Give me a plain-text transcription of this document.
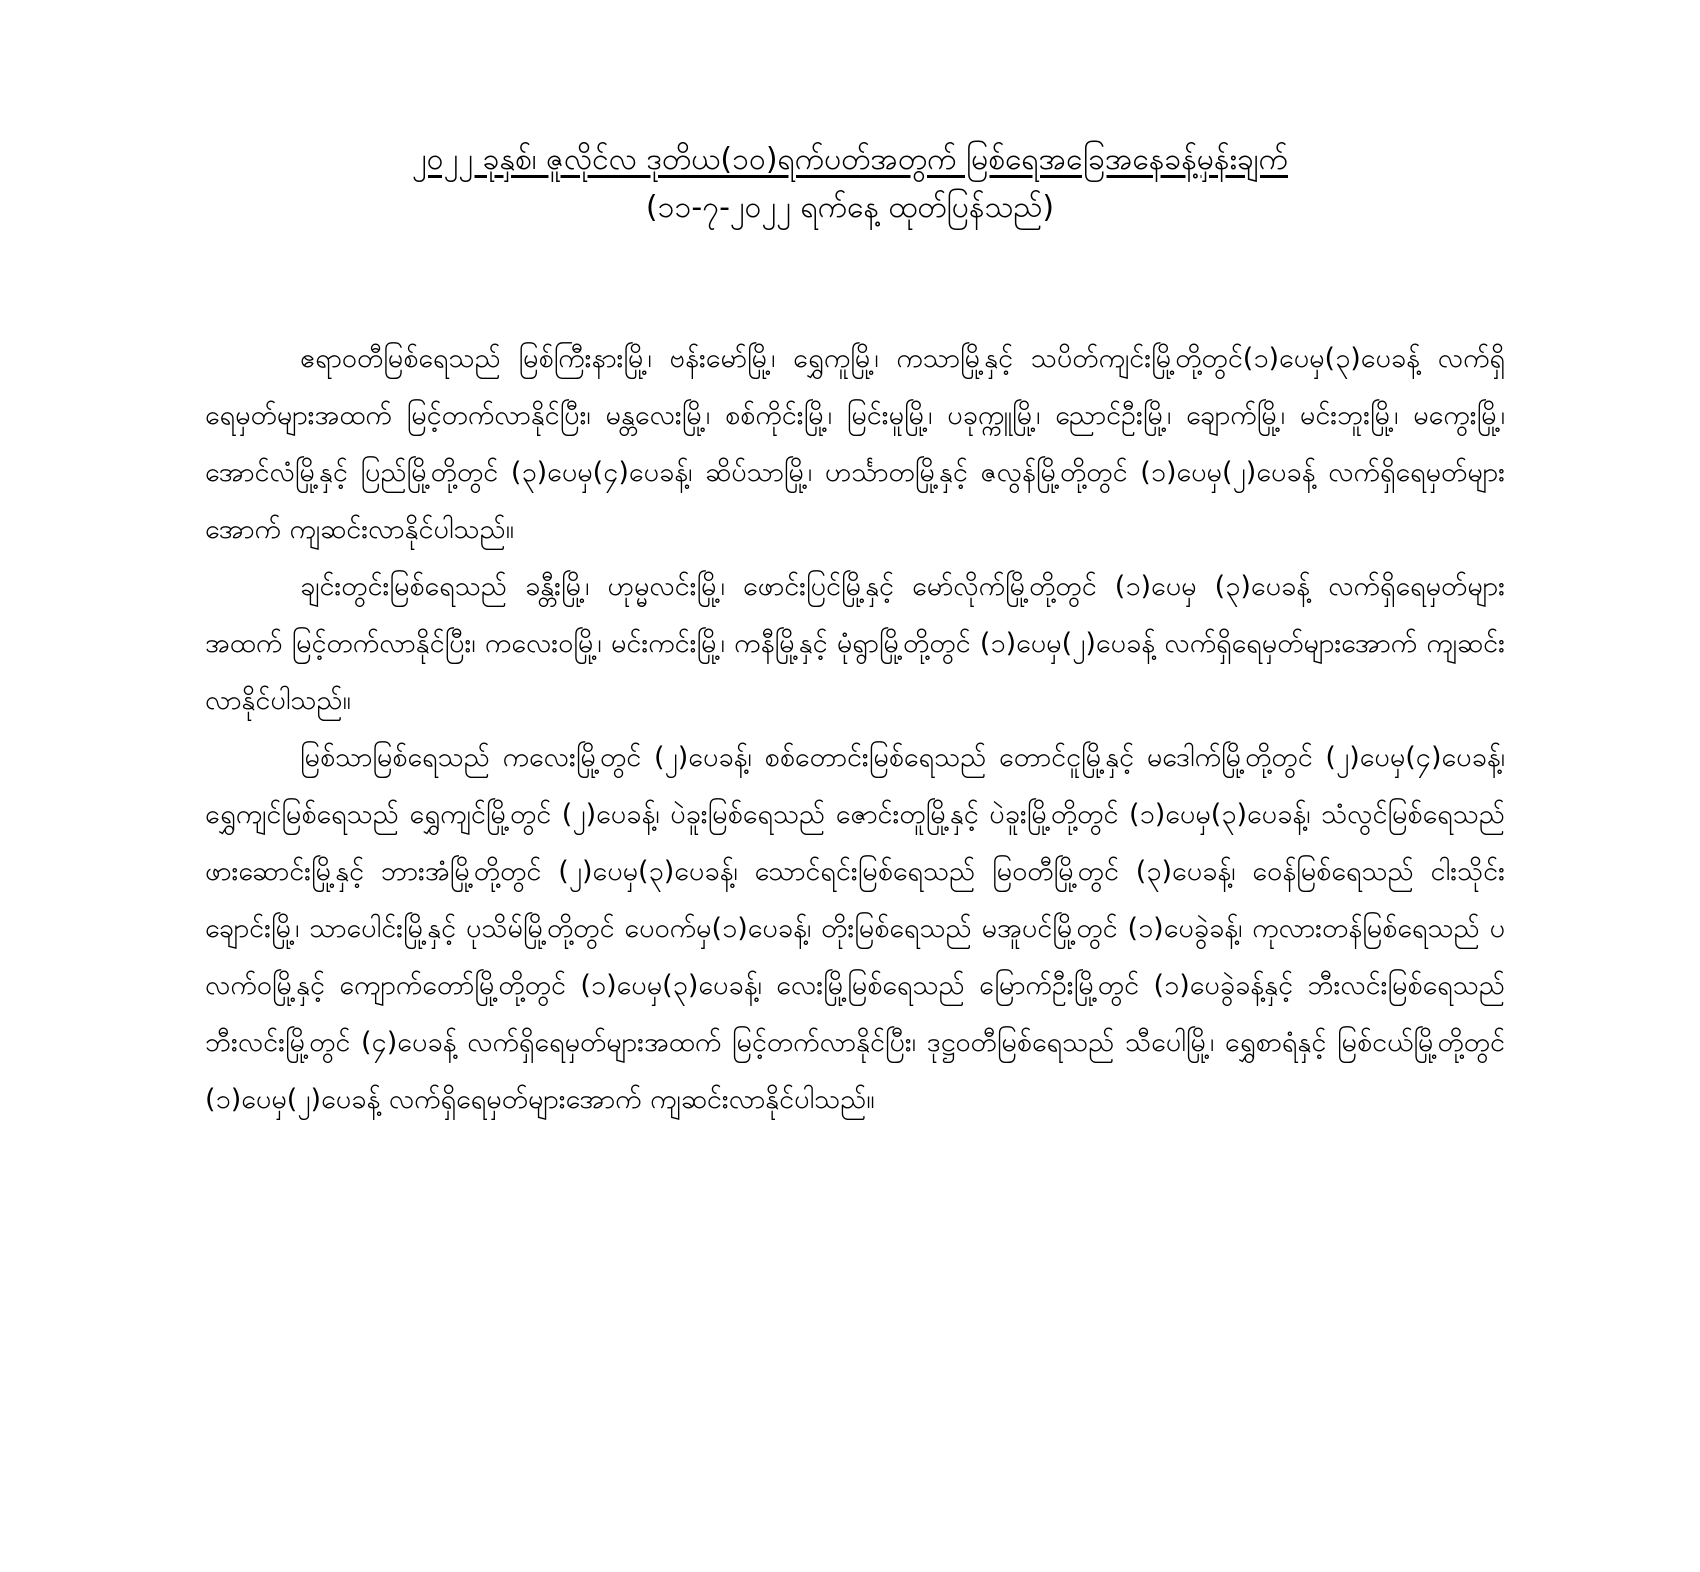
၂၀၂၂ ခုနှစ်၊ ဇူလိုင်လ ဒုတိယ(၁၀)ရက်ပတ်အတွက် မြစ်ရေအခြေအနေခန့်မှန်းချက်

(၁၁-၇-၂၀၂၂ ရက်နေ့ ထုတ်ပြန်သည်)

ဧရာဝတီမြစ်ရေသည် မြစ်ကြီးနားမြို့၊ ဗန်းမော်မြို့၊ ရွှေကူမြို့၊ ကသာမြို့နှင့် သပိတ်ကျင်းမြို့တို့တွင်(၁)ပေမှ(၃)ပေခန့် လက်ရှိရေမှတ်များအထက် မြင့်တက်လာနိုင်ပြီး၊ မန္တလေးမြို့၊ စစ်ကိုင်းမြို့၊ မြင်းမူမြို့၊ ပခုက္ကူမြို့၊ ညောင်ဦးမြို့၊ ချောက်မြို့၊ မင်းဘူးမြို့၊ မကွေးမြို့၊ အောင်လံမြို့နှင့် ပြည်မြို့တို့တွင် (၃)ပေမှ(၄)ပေခန့်၊ ဆိပ်သာမြို့၊ ဟင်္သာတမြို့နှင့် ဇလွန်မြို့တို့တွင် (၁)ပေမှ(၂)ပေခန့် လက်ရှိရေမှတ်များအောက် ကျဆင်းလာနိုင်ပါသည်။

ချင်းတွင်းမြစ်ရေသည် ခန္တီးမြို့၊ ဟုမ္မလင်းမြို့၊ ဖောင်းပြင်မြို့နှင့် မော်လိုက်မြို့တို့တွင် (၁)ပေမှ (၃)ပေခန့် လက်ရှိရေမှတ်များအထက် မြင့်တက်လာနိုင်ပြီး၊ ကလေးဝမြို့၊ မင်းကင်းမြို့၊ ကနီမြို့နှင့် မုံရွာမြို့တို့တွင် (၁)ပေမှ(၂)ပေခန့် လက်ရှိရေမှတ်များအောက် ကျဆင်းလာနိုင်ပါသည်။

မြစ်သာမြစ်ရေသည် ကလေးမြို့တွင် (၂)ပေခန့်၊ စစ်တောင်းမြစ်ရေသည် တောင်ငူမြို့နှင့် မဒေါက်မြို့တို့တွင် (၂)ပေမှ(၄)ပေခန့်၊ ရွှေကျင်မြစ်ရေသည် ရွှေကျင်မြို့တွင် (၂)ပေခန့်၊ ပဲခူးမြစ်ရေသည် ဇောင်းတူမြို့နှင့် ပဲခူးမြို့တို့တွင် (၁)ပေမှ(၃)ပေခန့်၊ သံလွင်မြစ်ရေသည် ဖားဆောင်းမြို့နှင့် ဘားအံမြို့တို့တွင် (၂)ပေမှ(၃)ပေခန့်၊ သောင်ရင်းမြစ်ရေသည် မြဝတီမြို့တွင် (၃)ပေခန့်၊ ဝေန်မြစ်ရေသည် ငါးသိုင်းချောင်းမြို့၊ သာပေါင်းမြို့နှင့် ပုသိမ်မြို့တို့တွင် ပေဝက်မှ(၁)ပေခန့်၊ တိုးမြစ်ရေသည် မအူပင်မြို့တွင် (၁)ပေခွဲခန့်၊ ကုလားတန်မြစ်ရေသည် ပလက်ဝမြို့နှင့် ကျောက်တော်မြို့တို့တွင် (၁)ပေမှ(၃)ပေခန့်၊ လေးမြို့မြစ်ရေသည် မြောက်ဦးမြို့တွင် (၁)ပေခွဲခန့်နှင့် ဘီးလင်းမြစ်ရေသည် ဘီးလင်းမြို့တွင် (၄)ပေခန့် လက်ရှိရေမှတ်များအထက် မြင့်တက်လာနိုင်ပြီး၊ ဒုဋ္ဌဝတီမြစ်ရေသည် သီပေါမြို့၊ ရွှေစာရံနှင့် မြစ်ငယ်မြို့တို့တွင် (၁)ပေမှ(၂)ပေခန့် လက်ရှိရေမှတ်များအောက် ကျဆင်းလာနိုင်ပါသည်။
